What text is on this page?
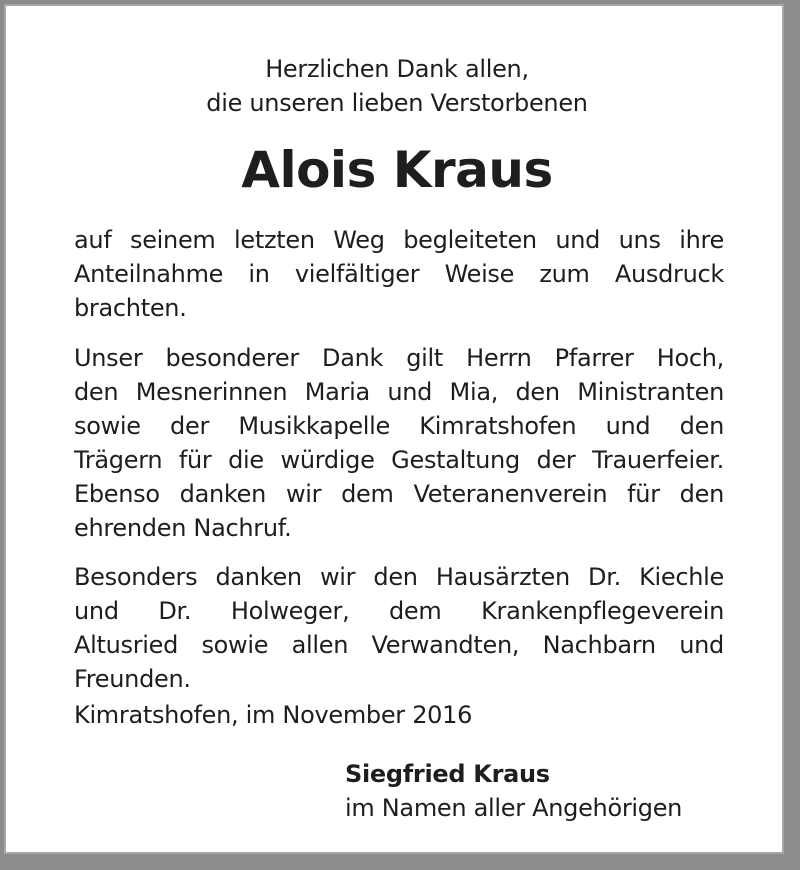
Herzlichen Dank allen,
die unseren lieben Verstorbenen
Alois Kraus
auf seinem letzten Weg begleiteten und uns ihre
Anteilnahme in vielfältiger Weise zum Ausdruck
brachten.
Unser besonderer Dank gilt Herrn Pfarrer Hoch,
den Mesnerinnen Maria und Mia, den Ministranten
sowie der Musikkapelle Kimratshofen und den
Trägern für die würdige Gestaltung der Trauerfeier.
Ebenso danken wir dem Veteranenverein für den
ehrenden Nachruf.
Besonders danken wir den Hausärzten Dr. Kiechle
und Dr. Holweger, dem Krankenpflegeverein
Altusried sowie allen Verwandten, Nachbarn und
Freunden.
Kimratshofen, im November 2016
Siegfried Kraus
im Namen aller Angehörigen
